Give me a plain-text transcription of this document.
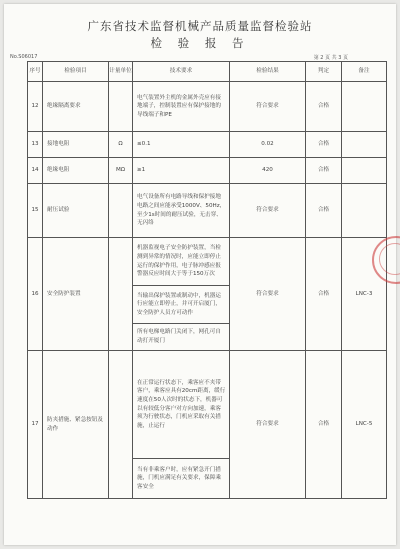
广东省技术监督机械产品质量监督检验站
检 验 报 告
No.S06017	第 2 页 共 3 页
序号	检验项目	计量单位	技术要求	检验结果	判定	备注
12	绝缘隔离要求		电气装置外主机的金属外壳应有接地端子，控制装置应有保护接地的导线端子和PE	符合要求	合格	
13	接地电阻	Ω	≤0.1	0.02	合格	
14	绝缘电阻	MΩ	≥1	420	合格	
15	耐压试验		电气设备所有电路导线和保护接地电路之间应能承受1000V、50Hz，至少1s时间的耐压试验，无击穿、无闪络	符合要求	合格	
16	安全防护装置		机器监视电子安全防护装置，当检测到异常的情况时，应能立即停止运行的保护作用，电子脉冲感应报警器反应时间大于等于150万次	符合要求	合格	LNC-3
			当输出保护装置或制动中，机器运行应能立即停止，并可开启厦门，安全防护人员方可动作			
			所有电梯电路门关闭下，网孔可自动打开厦门			
17	防夹措施、紧急按钮及动作		在正常运行状态下，乘客应不夹带客户，乘客应具有20cm距离，缓行速度在50人次时的状态下，机器可以有较低分客户对方向加速，乘客须为行驶状态，门机应采取有关措施，止运行	符合要求	合格	LNC-5
			当有非乘客户时，应有紧急开门措施，门机应满足有关要求，保障乘客安全			
